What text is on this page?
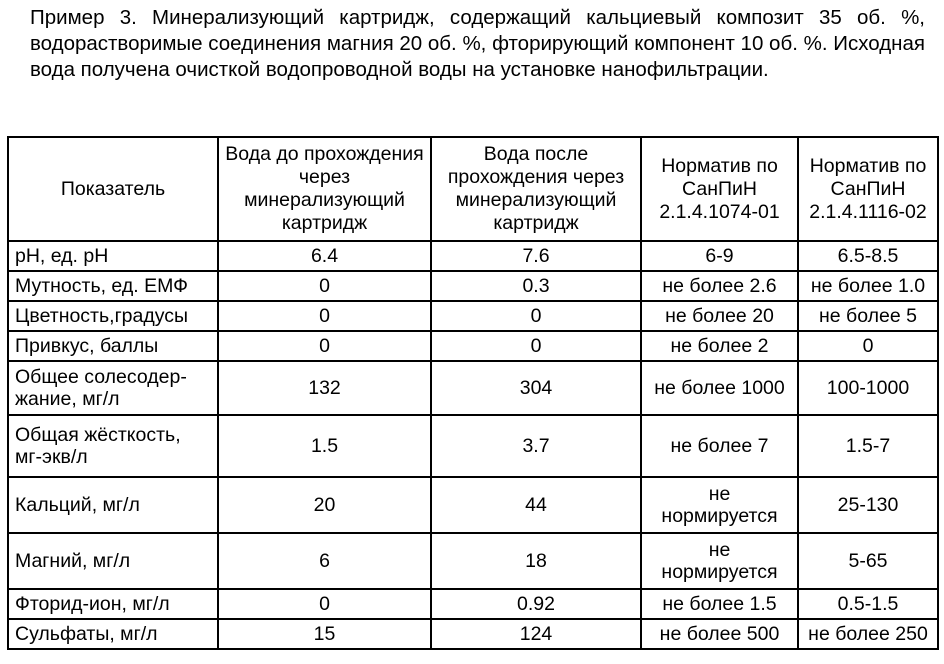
Пример 3. Минерализующий картридж, содержащий кальциевый композит 35 об. %, водорастворимые соединения магния 20 об. %, фторирующий компонент 10 об. %. Исходная вода получена очисткой водопроводной воды на установке нанофильтрации.

Показатель	Вода до прохождения через минерализующий картридж	Вода после прохождения через минерализующий картридж	Норматив по СанПиН 2.1.4.1074-01	Норматив по СанПиН 2.1.4.1116-02
рН, ед. рН	6.4	7.6	6-9	6.5-8.5
Мутность, ед. ЕМФ	0	0.3	не более 2.6	не более 1.0
Цветность,градусы	0	0	не более 20	не более 5
Привкус, баллы	0	0	не более 2	0
Общее солесодер-жание, мг/л	132	304	не более 1000	100-1000
Общая жёсткость, мг-экв/л	1.5	3.7	не более 7	1.5-7
Кальций, мг/л	20	44	не нормируется	25-130
Магний, мг/л	6	18	не нормируется	5-65
Фторид-ион, мг/л	0	0.92	не более 1.5	0.5-1.5
Сульфаты, мг/л	15	124	не более 500	не более 250
